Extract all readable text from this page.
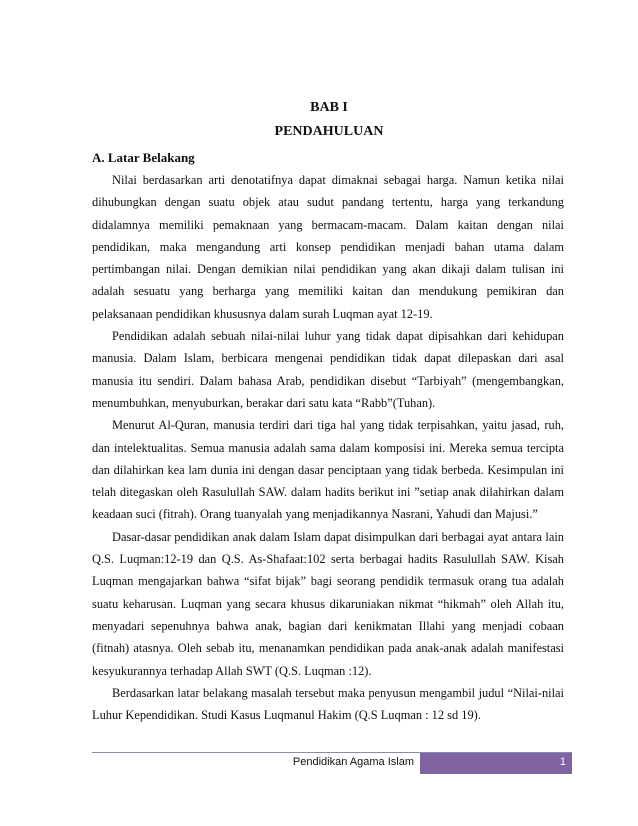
BAB I
PENDAHULUAN
A. Latar Belakang

Nilai berdasarkan arti denotatifnya dapat dimaknai sebagai harga. Namun ketika nilai dihubungkan dengan suatu objek atau sudut pandang tertentu, harga yang terkandung didalamnya memiliki pemaknaan yang bermacam-macam. Dalam kaitan dengan nilai pendidikan, maka mengandung arti konsep pendidikan menjadi bahan utama dalam pertimbangan nilai. Dengan demikian nilai pendidikan yang akan dikaji dalam tulisan ini adalah sesuatu yang berharga yang memiliki kaitan dan mendukung pemikiran dan pelaksanaan pendidikan khususnya dalam surah Luqman ayat 12-19.

Pendidikan adalah sebuah nilai-nilai luhur yang tidak dapat dipisahkan dari kehidupan manusia. Dalam Islam, berbicara mengenai pendidikan tidak dapat dilepaskan dari asal manusia itu sendiri. Dalam bahasa Arab, pendidikan disebut “Tarbiyah” (mengembangkan, menumbuhkan, menyuburkan, berakar dari satu kata “Rabb”(Tuhan).

Menurut Al-Quran, manusia terdiri dari tiga hal yang tidak terpisahkan, yaitu jasad, ruh, dan intelektualitas. Semua manusia adalah sama dalam komposisi ini. Mereka semua tercipta dan dilahirkan kea lam dunia ini dengan dasar penciptaan yang tidak berbeda. Kesimpulan ini telah ditegaskan oleh Rasulullah SAW. dalam hadits berikut ini ”setiap anak dilahirkan dalam keadaan suci (fitrah). Orang tuanyalah yang menjadikannya Nasrani, Yahudi dan Majusi.”

Dasar-dasar pendidikan anak dalam Islam dapat disimpulkan dari berbagai ayat antara lain Q.S. Luqman:12-19 dan Q.S. As-Shafaat:102 serta berbagai hadits Rasulullah SAW. Kisah Luqman mengajarkan bahwa “sifat bijak” bagi seorang pendidik termasuk orang tua adalah suatu keharusan. Luqman yang secara khusus dikaruniakan nikmat “hikmah” oleh Allah itu, menyadari sepenuhnya bahwa anak, bagian dari kenikmatan Illahi yang menjadi cobaan (fitnah) atasnya. Oleh sebab itu, menanamkan pendidikan pada anak-anak adalah manifestasi kesyukurannya terhadap Allah SWT (Q.S. Luqman :12).

Berdasarkan latar belakang masalah tersebut maka penyusun mengambil judul “Nilai-nilai Luhur Kependidikan. Studi Kasus Luqmanul Hakim (Q.S Luqman : 12 sd 19).

Pendidikan Agama Islam	1
